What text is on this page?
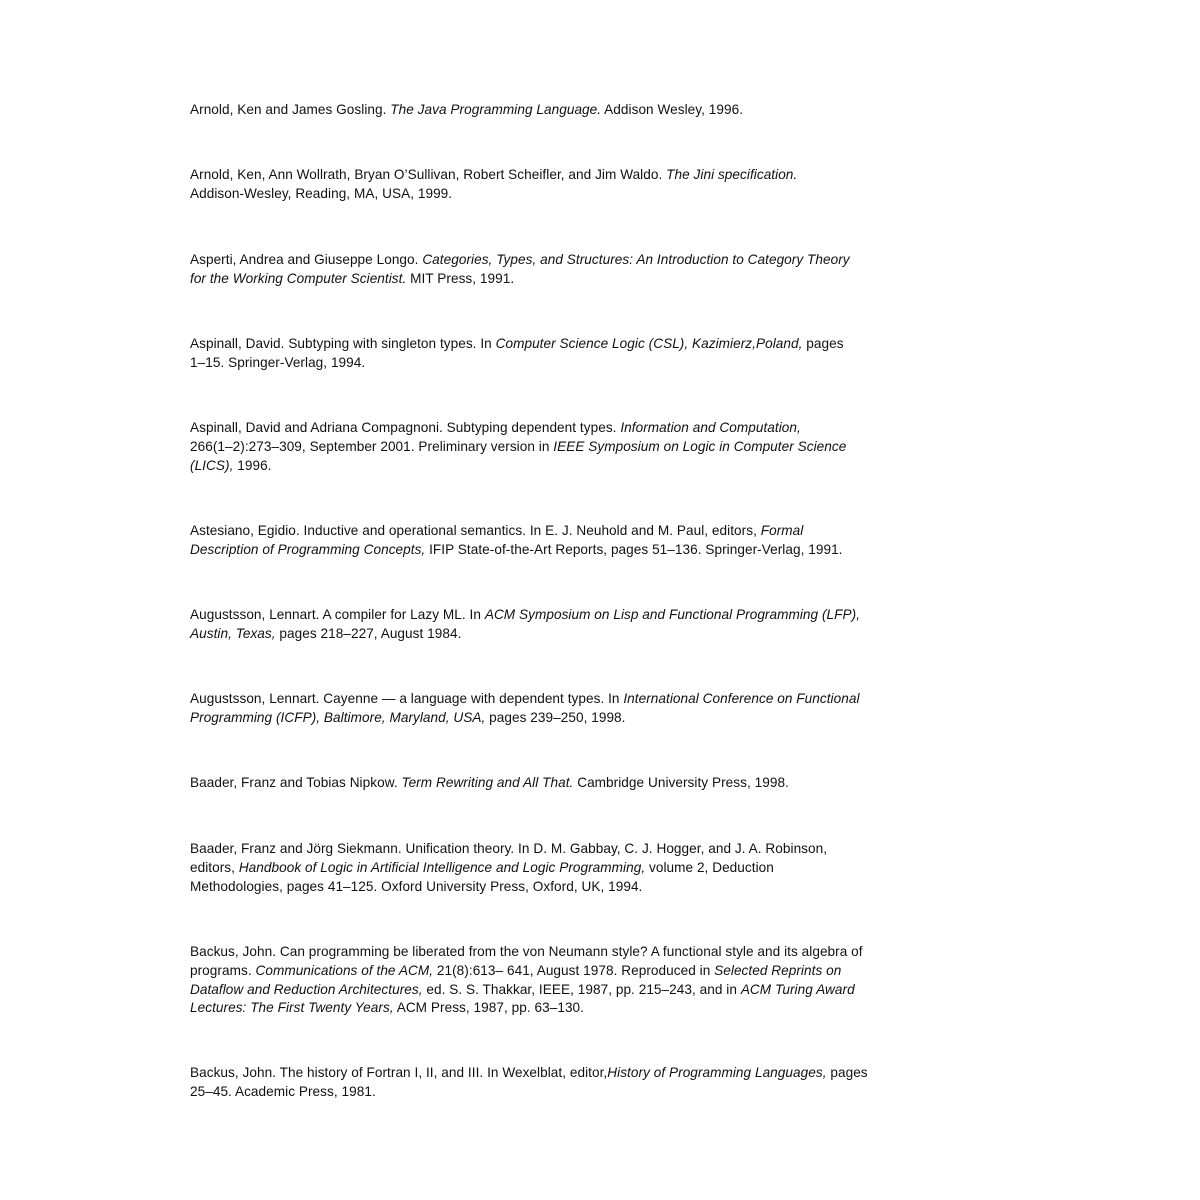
Arnold, Ken and James Gosling. The Java Programming Language. Addison Wesley, 1996.
Arnold, Ken, Ann Wollrath, Bryan O’Sullivan, Robert Scheifler, and Jim Waldo. The Jini specification.
Addison-Wesley, Reading, MA, USA, 1999.
Asperti, Andrea and Giuseppe Longo. Categories, Types, and Structures: An Introduction to Category Theory
for the Working Computer Scientist. MIT Press, 1991.
Aspinall, David. Subtyping with singleton types. In Computer Science Logic (CSL), Kazimierz,Poland, pages
1–15. Springer-Verlag, 1994.
Aspinall, David and Adriana Compagnoni. Subtyping dependent types. Information and Computation,
266(1–2):273–309, September 2001. Preliminary version in IEEE Symposium on Logic in Computer Science
(LICS), 1996.
Astesiano, Egidio. Inductive and operational semantics. In E. J. Neuhold and M. Paul, editors, Formal
Description of Programming Concepts, IFIP State-of-the-Art Reports, pages 51–136. Springer-Verlag, 1991.
Augustsson, Lennart. A compiler for Lazy ML. In ACM Symposium on Lisp and Functional Programming (LFP),
Austin, Texas, pages 218–227, August 1984.
Augustsson, Lennart. Cayenne — a language with dependent types. In International Conference on Functional
Programming (ICFP), Baltimore, Maryland, USA, pages 239–250, 1998.
Baader, Franz and Tobias Nipkow. Term Rewriting and All That. Cambridge University Press, 1998.
Baader, Franz and Jörg Siekmann. Unification theory. In D. M. Gabbay, C. J. Hogger, and J. A. Robinson,
editors, Handbook of Logic in Artificial Intelligence and Logic Programming, volume 2, Deduction
Methodologies, pages 41–125. Oxford University Press, Oxford, UK, 1994.
Backus, John. Can programming be liberated from the von Neumann style? A functional style and its algebra of
programs. Communications of the ACM, 21(8):613– 641, August 1978. Reproduced in Selected Reprints on
Dataflow and Reduction Architectures, ed. S. S. Thakkar, IEEE, 1987, pp. 215–243, and in ACM Turing Award
Lectures: The First Twenty Years, ACM Press, 1987, pp. 63–130.
Backus, John. The history of Fortran I, II, and III. In Wexelblat, editor,History of Programming Languages, pages
25–45. Academic Press, 1981.
